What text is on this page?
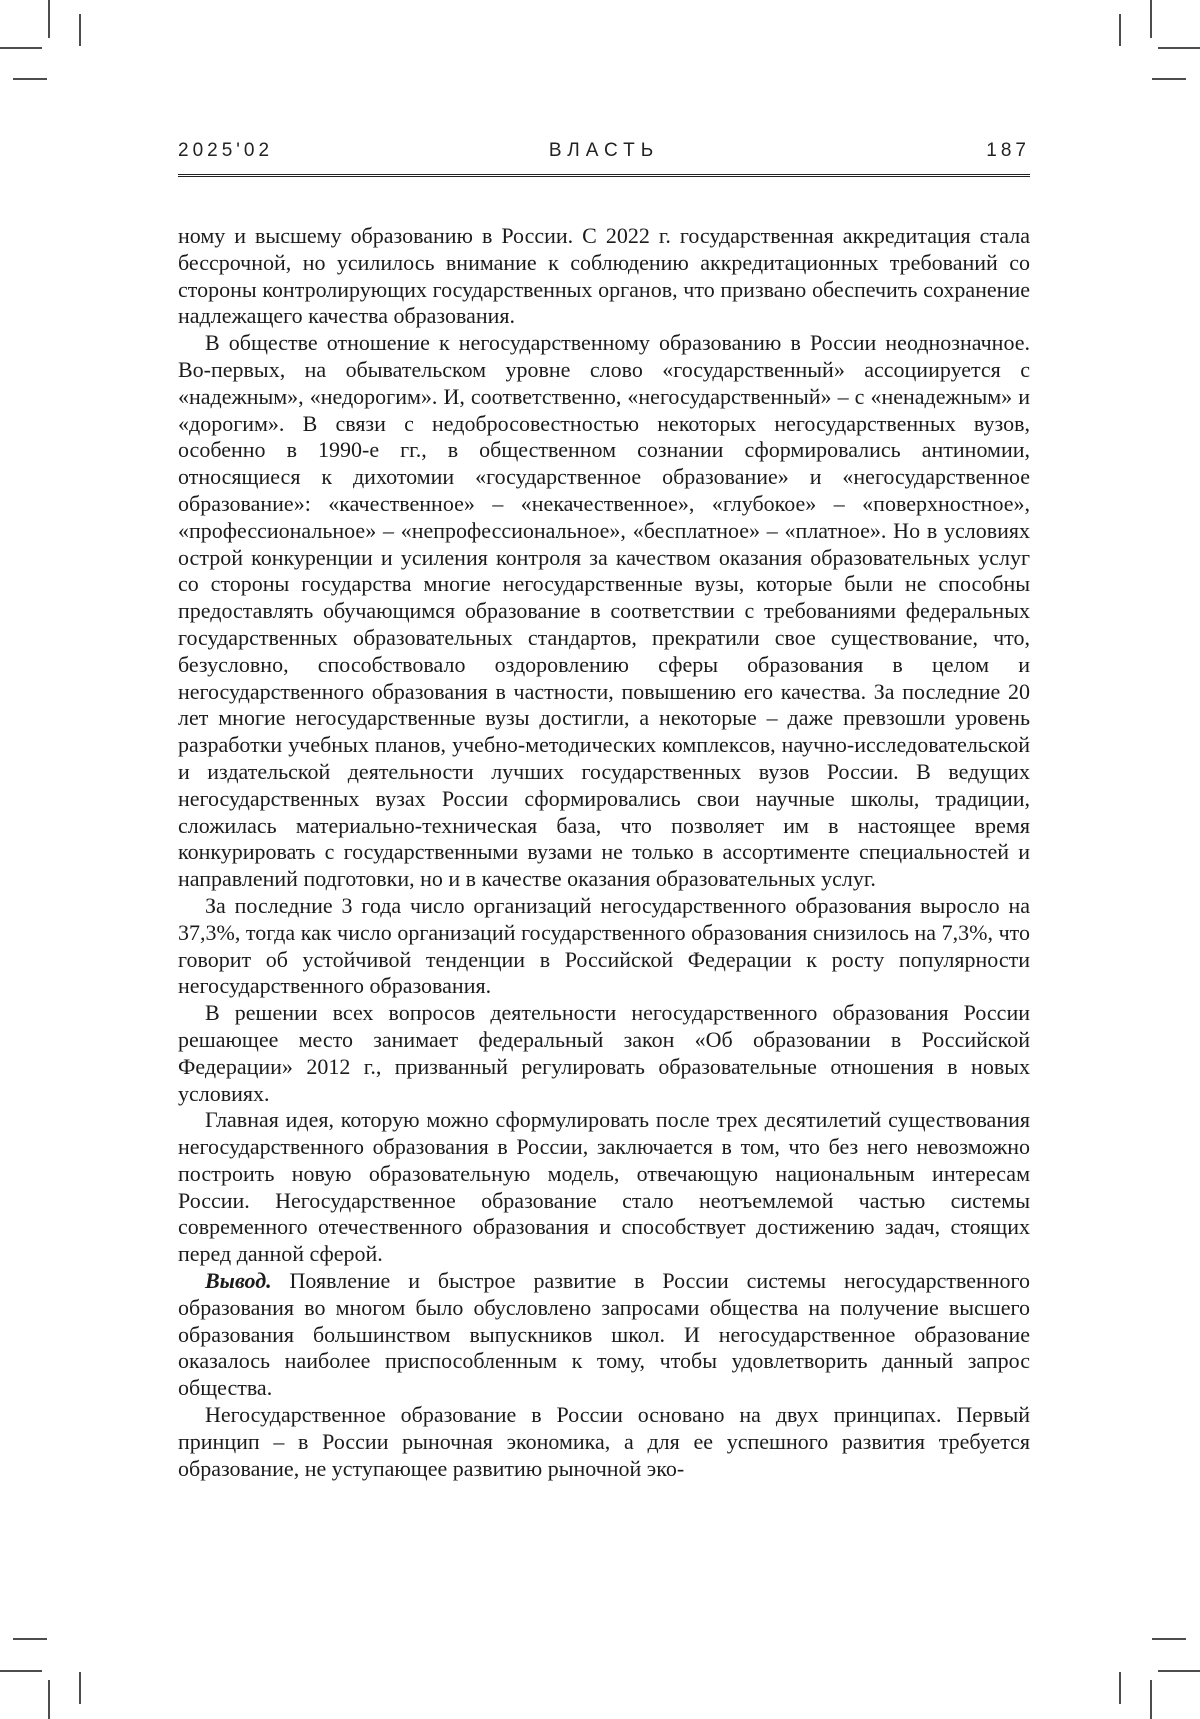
2025'02	ВЛАСТЬ	187

ному и высшему образованию в России. С 2022 г. государственная аккредитация стала бессрочной, но усилилось внимание к соблюдению аккредитационных требований со стороны контролирующих государственных органов, что призвано обеспечить сохранение надлежащего качества образования.

В обществе отношение к негосударственному образованию в России неоднозначное. Во-первых, на обывательском уровне слово «государственный» ассоциируется с «надежным», «недорогим». И, соответственно, «негосударственный» – с «ненадежным» и «дорогим». В связи с недобросовестностью некоторых негосударственных вузов, особенно в 1990-е гг., в общественном сознании сформировались антиномии, относящиеся к дихотомии «государственное образование» и «негосударственное образование»: «качественное» – «некачественное», «глубокое» – «поверхностное», «профессиональное» – «непрофессиональное», «бесплатное» – «платное». Но в условиях острой конкуренции и усиления контроля за качеством оказания образовательных услуг со стороны государства многие негосударственные вузы, которые были не способны предоставлять обучающимся образование в соответствии с требованиями федеральных государственных образовательных стандартов, прекратили свое существование, что, безусловно, способствовало оздоровлению сферы образования в целом и негосударственного образования в частности, повышению его качества. За последние 20 лет многие негосударственные вузы достигли, а некоторые – даже превзошли уровень разработки учебных планов, учебно-методических комплексов, научно-исследовательской и издательской деятельности лучших государственных вузов России. В ведущих негосударственных вузах России сформировались свои научные школы, традиции, сложилась материально-техническая база, что позволяет им в настоящее время конкурировать с государственными вузами не только в ассортименте специальностей и направлений подготовки, но и в качестве оказания образовательных услуг.

За последние 3 года число организаций негосударственного образования выросло на 37,3%, тогда как число организаций государственного образования снизилось на 7,3%, что говорит об устойчивой тенденции в Российской Федерации к росту популярности негосударственного образования.

В решении всех вопросов деятельности негосударственного образования России решающее место занимает федеральный закон «Об образовании в Российской Федерации» 2012 г., призванный регулировать образовательные отношения в новых условиях.

Главная идея, которую можно сформулировать после трех десятилетий существования негосударственного образования в России, заключается в том, что без него невозможно построить новую образовательную модель, отвечающую национальным интересам России. Негосударственное образование стало неотъемлемой частью системы современного отечественного образования и способствует достижению задач, стоящих перед данной сферой.

Вывод. Появление и быстрое развитие в России системы негосударственного образования во многом было обусловлено запросами общества на получение высшего образования большинством выпускников школ. И негосударственное образование оказалось наиболее приспособленным к тому, чтобы удовлетворить данный запрос общества.

Негосударственное образование в России основано на двух принципах. Первый принцип – в России рыночная экономика, а для ее успешного развития требуется образование, не уступающее развитию рыночной эко-
